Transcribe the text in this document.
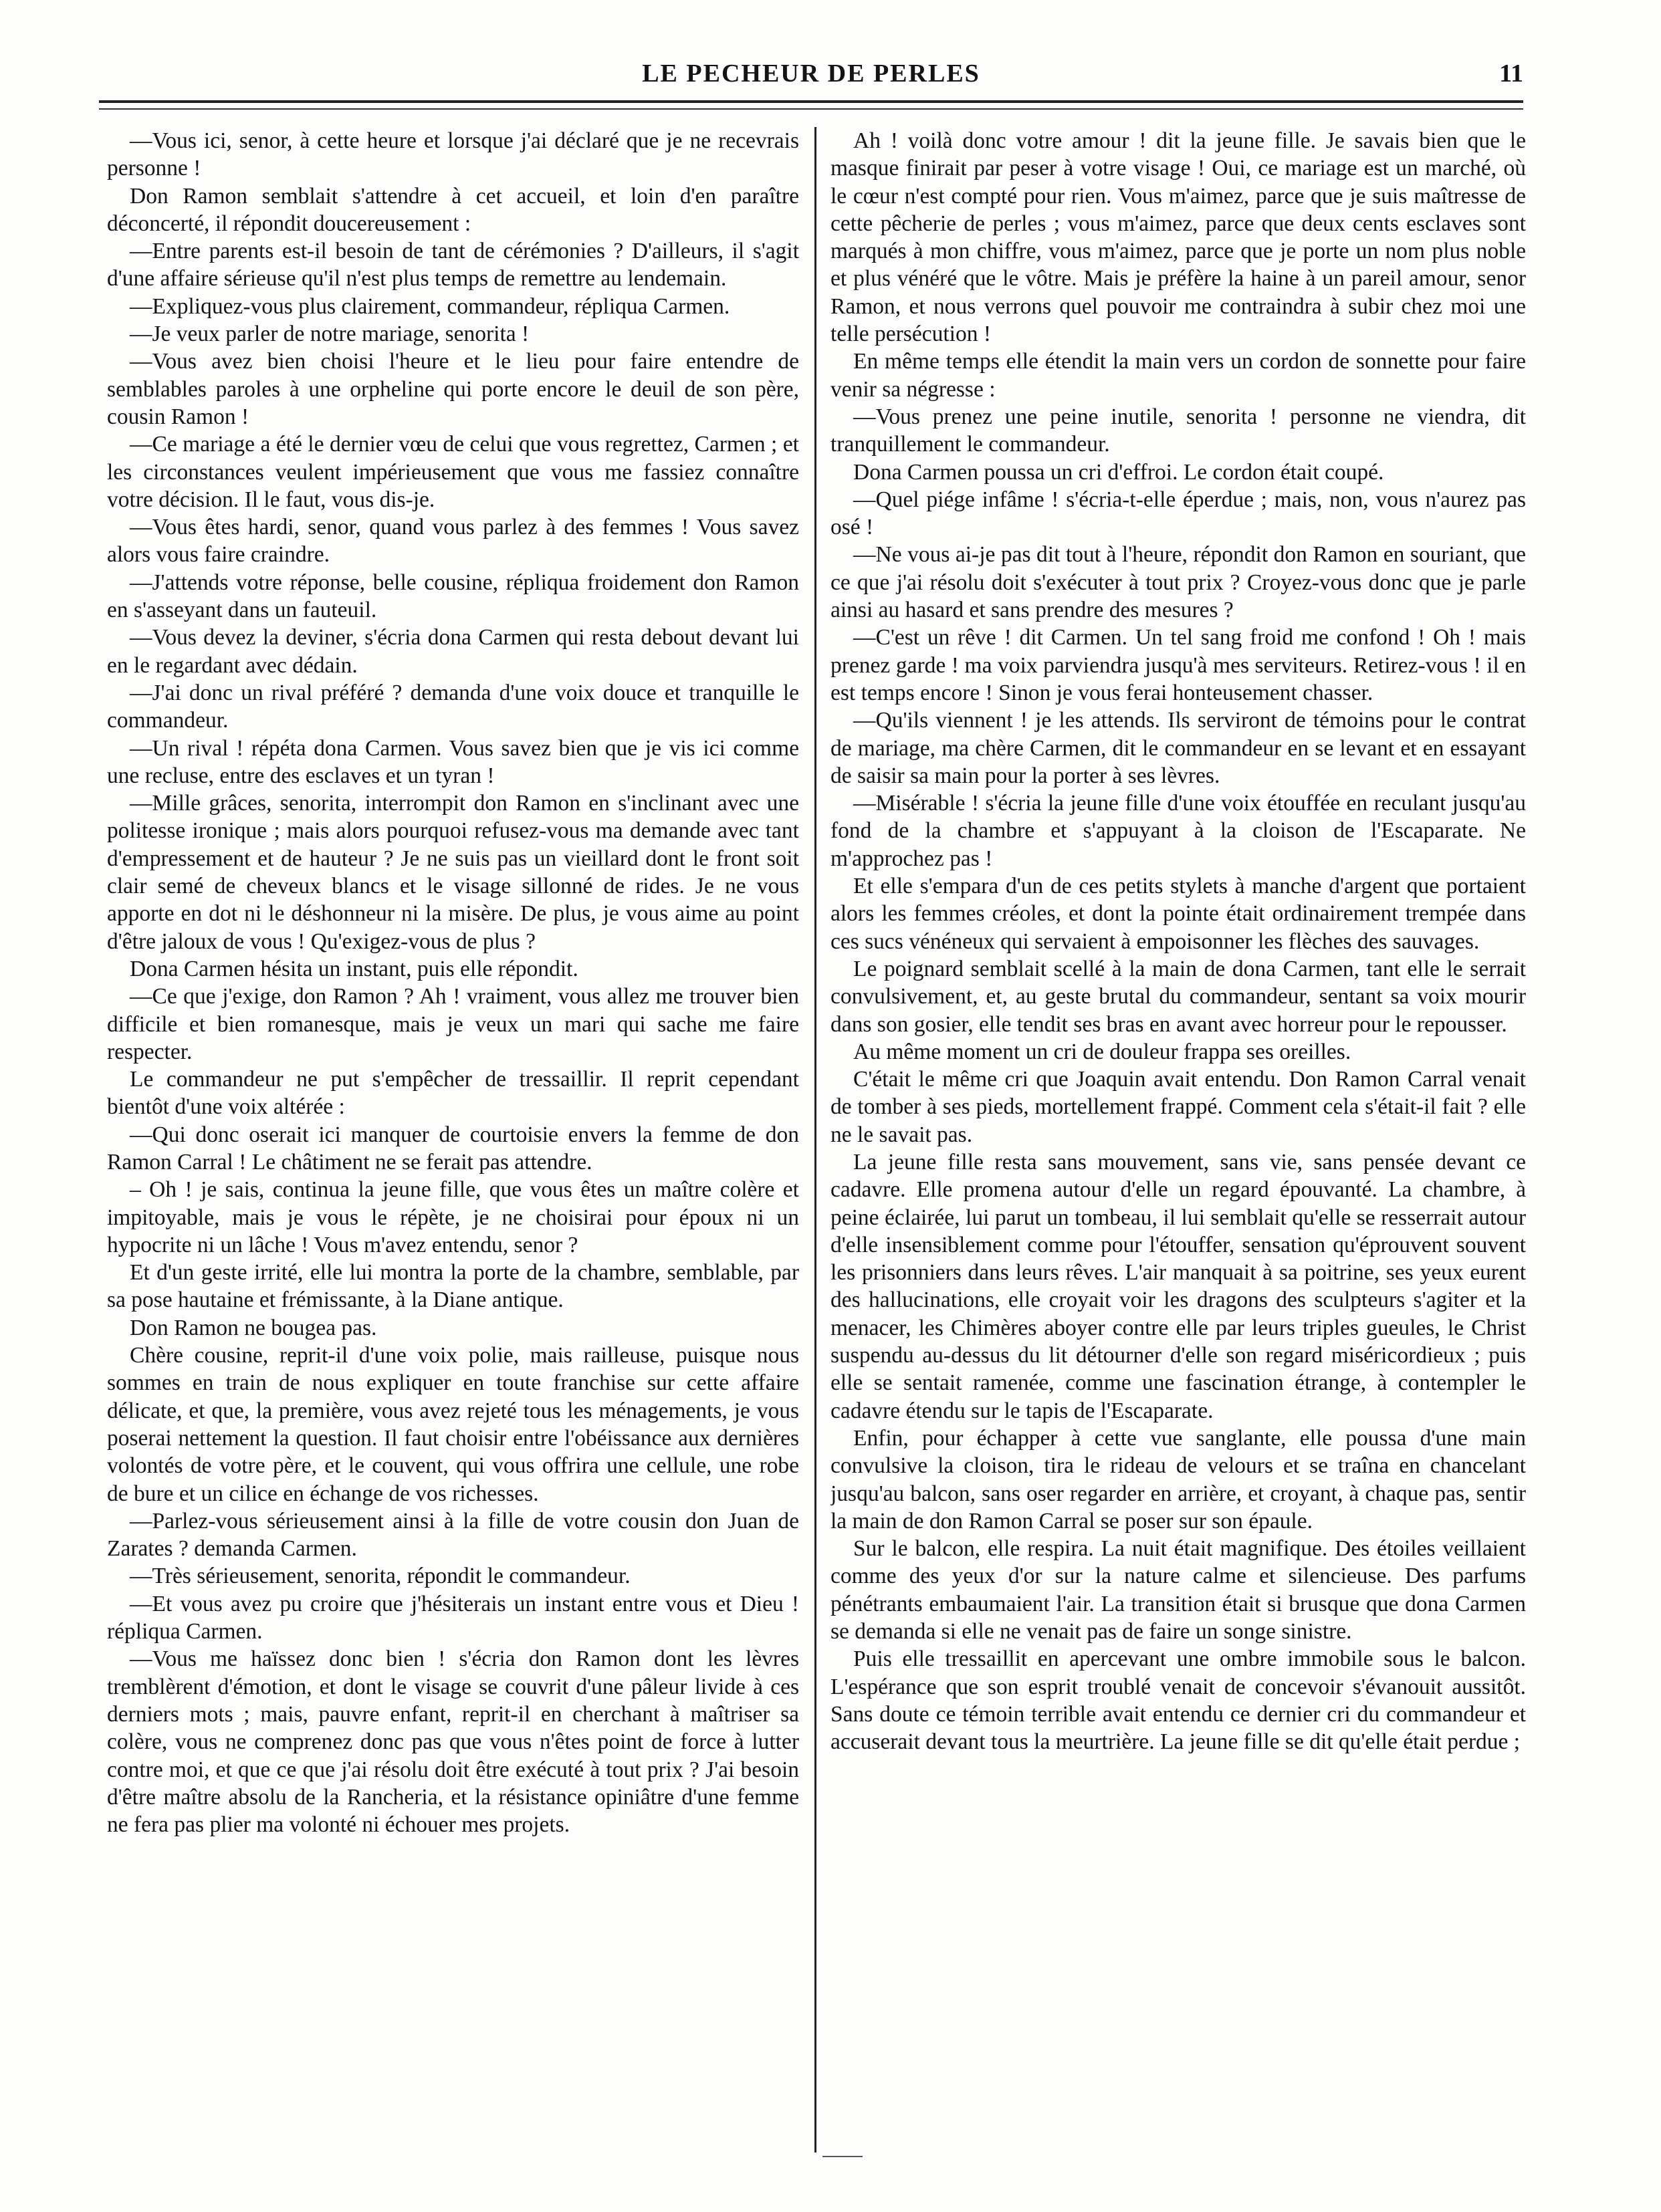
LE PECHEUR DE PERLES	11

—Vous ici, senor, à cette heure et lorsque j'ai déclaré que je ne recevrais personne !

Don Ramon semblait s'attendre à cet accueil, et loin d'en paraître déconcerté, il répondit doucereusement :

—Entre parents est-il besoin de tant de cérémonies ? D'ailleurs, il s'agit d'une affaire sérieuse qu'il n'est plus temps de remettre au lendemain.

—Expliquez-vous plus clairement, commandeur, répliqua Carmen.

—Je veux parler de notre mariage, senorita !

—Vous avez bien choisi l'heure et le lieu pour faire entendre de semblables paroles à une orpheline qui porte encore le deuil de son père, cousin Ramon !

—Ce mariage a été le dernier vœu de celui que vous regrettez, Carmen ; et les circonstances veulent impérieusement que vous me fassiez connaître votre décision. Il le faut, vous dis-je.

—Vous êtes hardi, senor, quand vous parlez à des femmes ! Vous savez alors vous faire craindre.

—J'attends votre réponse, belle cousine, répliqua froidement don Ramon en s'asseyant dans un fauteuil.

—Vous devez la deviner, s'écria dona Carmen qui resta debout devant lui en le regardant avec dédain.

—J'ai donc un rival préféré ? demanda d'une voix douce et tranquille le commandeur.

—Un rival ! répéta dona Carmen. Vous savez bien que je vis ici comme une recluse, entre des esclaves et un tyran !

—Mille grâces, senorita, interrompit don Ramon en s'inclinant avec une politesse ironique ; mais alors pourquoi refusez-vous ma demande avec tant d'empressement et de hauteur ? Je ne suis pas un vieillard dont le front soit clair semé de cheveux blancs et le visage sillonné de rides. Je ne vous apporte en dot ni le déshonneur ni la misère. De plus, je vous aime au point d'être jaloux de vous ! Qu'exigez-vous de plus ?

Dona Carmen hésita un instant, puis elle répondit.

—Ce que j'exige, don Ramon ? Ah ! vraiment, vous allez me trouver bien difficile et bien romanesque, mais je veux un mari qui sache me faire respecter.

Le commandeur ne put s'empêcher de tressaillir. Il reprit cependant bientôt d'une voix altérée :

—Qui donc oserait ici manquer de courtoisie envers la femme de don Ramon Carral ! Le châtiment ne se ferait pas attendre.

– Oh ! je sais, continua la jeune fille, que vous êtes un maître colère et impitoyable, mais je vous le répète, je ne choisirai pour époux ni un hypocrite ni un lâche ! Vous m'avez entendu, senor ?

Et d'un geste irrité, elle lui montra la porte de la chambre, semblable, par sa pose hautaine et frémissante, à la Diane antique.

Don Ramon ne bougea pas.

Chère cousine, reprit-il d'une voix polie, mais railleuse, puisque nous sommes en train de nous expliquer en toute franchise sur cette affaire délicate, et que, la première, vous avez rejeté tous les ménagements, je vous poserai nettement la question. Il faut choisir entre l'obéissance aux dernières volontés de votre père, et le couvent, qui vous offrira une cellule, une robe de bure et un cilice en échange de vos richesses.

—Parlez-vous sérieusement ainsi à la fille de votre cousin don Juan de Zarates ? demanda Carmen.

—Très sérieusement, senorita, répondit le commandeur.

—Et vous avez pu croire que j'hésiterais un instant entre vous et Dieu ! répliqua Carmen.

—Vous me haïssez donc bien ! s'écria don Ramon dont les lèvres tremblèrent d'émotion, et dont le visage se couvrit d'une pâleur livide à ces derniers mots ; mais, pauvre enfant, reprit-il en cherchant à maîtriser sa colère, vous ne comprenez donc pas que vous n'êtes point de force à lutter contre moi, et que ce que j'ai résolu doit être exécuté à tout prix ? J'ai besoin d'être maître absolu de la Rancheria, et la résistance opiniâtre d'une femme ne fera pas plier ma volonté ni échouer mes projets.

Ah ! voilà donc votre amour ! dit la jeune fille. Je savais bien que le masque finirait par peser à votre visage ! Oui, ce mariage est un marché, où le cœur n'est compté pour rien. Vous m'aimez, parce que je suis maîtresse de cette pêcherie de perles ; vous m'aimez, parce que deux cents esclaves sont marqués à mon chiffre, vous m'aimez, parce que je porte un nom plus noble et plus vénéré que le vôtre. Mais je préfère la haine à un pareil amour, senor Ramon, et nous verrons quel pouvoir me contraindra à subir chez moi une telle persécution !

En même temps elle étendit la main vers un cordon de sonnette pour faire venir sa négresse :

—Vous prenez une peine inutile, senorita ! personne ne viendra, dit tranquillement le commandeur.

Dona Carmen poussa un cri d'effroi. Le cordon était coupé.

—Quel piége infâme ! s'écria-t-elle éperdue ; mais, non, vous n'aurez pas osé !

—Ne vous ai-je pas dit tout à l'heure, répondit don Ramon en souriant, que ce que j'ai résolu doit s'exécuter à tout prix ? Croyez-vous donc que je parle ainsi au hasard et sans prendre des mesures ?

—C'est un rêve ! dit Carmen. Un tel sang froid me confond ! Oh ! mais prenez garde ! ma voix parviendra jusqu'à mes serviteurs. Retirez-vous ! il en est temps encore ! Sinon je vous ferai honteusement chasser.

—Qu'ils viennent ! je les attends. Ils serviront de témoins pour le contrat de mariage, ma chère Carmen, dit le commandeur en se levant et en essayant de saisir sa main pour la porter à ses lèvres.

—Misérable ! s'écria la jeune fille d'une voix étouffée en reculant jusqu'au fond de la chambre et s'appuyant à la cloison de l'Escaparate. Ne m'approchez pas !

Et elle s'empara d'un de ces petits stylets à manche d'argent que portaient alors les femmes créoles, et dont la pointe était ordinairement trempée dans ces sucs vénéneux qui servaient à empoisonner les flèches des sauvages.

Le poignard semblait scellé à la main de dona Carmen, tant elle le serrait convulsivement, et, au geste brutal du commandeur, sentant sa voix mourir dans son gosier, elle tendit ses bras en avant avec horreur pour le repousser.

Au même moment un cri de douleur frappa ses oreilles.

C'était le même cri que Joaquin avait entendu. Don Ramon Carral venait de tomber à ses pieds, mortellement frappé. Comment cela s'était-il fait ? elle ne le savait pas.

La jeune fille resta sans mouvement, sans vie, sans pensée devant ce cadavre. Elle promena autour d'elle un regard épouvanté. La chambre, à peine éclairée, lui parut un tombeau, il lui semblait qu'elle se resserrait autour d'elle insensiblement comme pour l'étouffer, sensation qu'éprouvent souvent les prisonniers dans leurs rêves. L'air manquait à sa poitrine, ses yeux eurent des hallucinations, elle croyait voir les dragons des sculpteurs s'agiter et la menacer, les Chimères aboyer contre elle par leurs triples gueules, le Christ suspendu au-dessus du lit détourner d'elle son regard miséricordieux ; puis elle se sentait ramenée, comme une fascination étrange, à contempler le cadavre étendu sur le tapis de l'Escaparate.

Enfin, pour échapper à cette vue sanglante, elle poussa d'une main convulsive la cloison, tira le rideau de velours et se traîna en chancelant jusqu'au balcon, sans oser regarder en arrière, et croyant, à chaque pas, sentir la main de don Ramon Carral se poser sur son épaule.

Sur le balcon, elle respira. La nuit était magnifique. Des étoiles veillaient comme des yeux d'or sur la nature calme et silencieuse. Des parfums pénétrants embaumaient l'air. La transition était si brusque que dona Carmen se demanda si elle ne venait pas de faire un songe sinistre.

Puis elle tressaillit en apercevant une ombre immobile sous le balcon. L'espérance que son esprit troublé venait de concevoir s'évanouit aussitôt. Sans doute ce témoin terrible avait entendu ce dernier cri du commandeur et accuserait devant tous la meurtrière. La jeune fille se dit qu'elle était perdue ;
